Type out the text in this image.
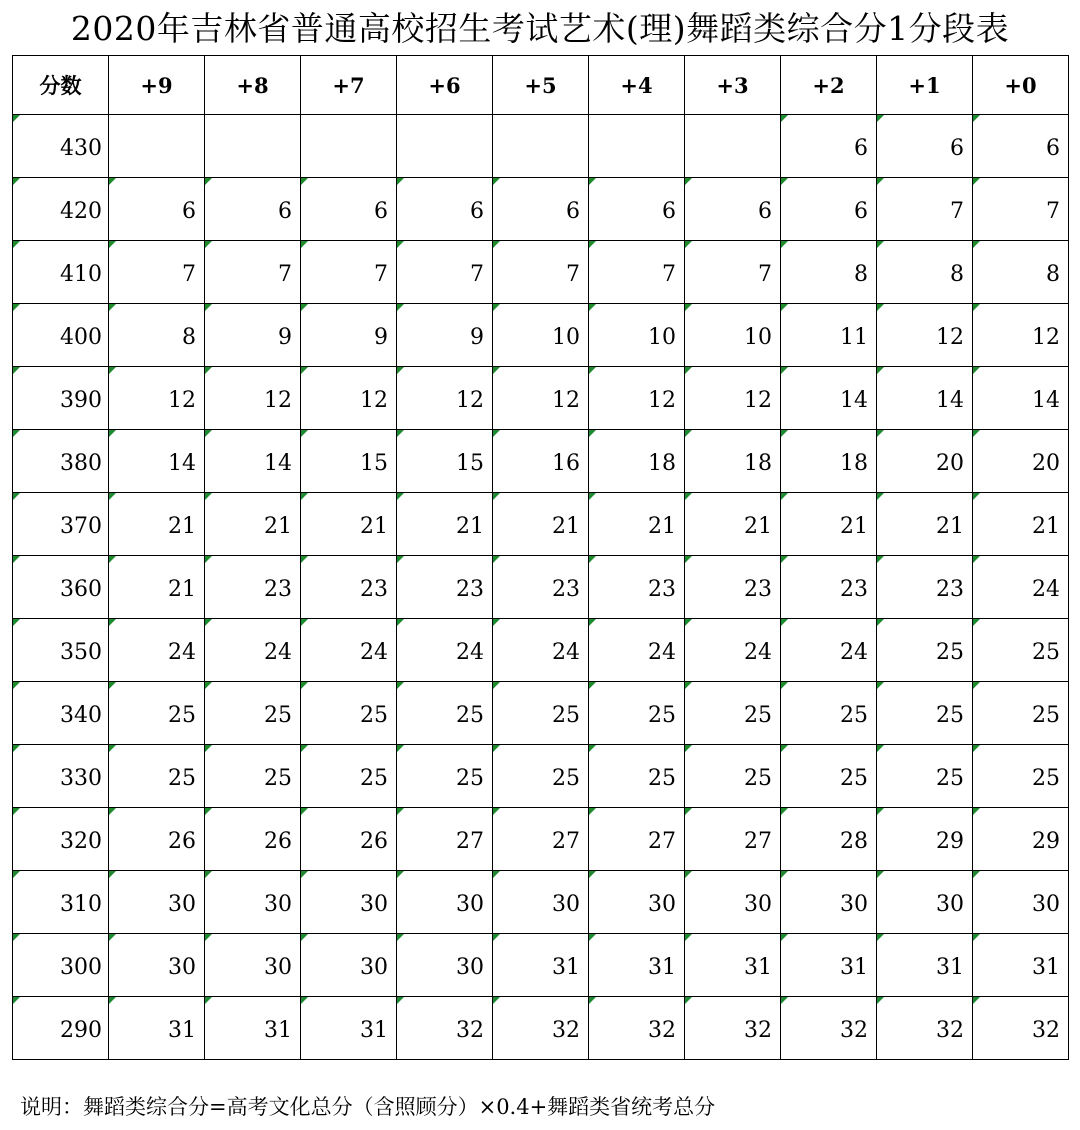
2020年吉林省普通高校招生考试艺术(理)舞蹈类综合分1分段表
分数	+9	+8	+7	+6	+5	+4	+3	+2	+1	+0

430								6	6	6

420	6	6	6	6	6	6	6	6	7	7

410	7	7	7	7	7	7	7	8	8	8

400	8	9	9	9	10	10	10	11	12	12

390	12	12	12	12	12	12	12	14	14	14

380	14	14	15	15	16	18	18	18	20	20

370	21	21	21	21	21	21	21	21	21	21

360	21	23	23	23	23	23	23	23	23	24

350	24	24	24	24	24	24	24	24	25	25

340	25	25	25	25	25	25	25	25	25	25

330	25	25	25	25	25	25	25	25	25	25

320	26	26	26	27	27	27	27	28	29	29

310	30	30	30	30	30	30	30	30	30	30

300	30	30	30	30	31	31	31	31	31	31

290	31	31	31	32	32	32	32	32	32	32
说明：舞蹈类综合分=高考文化总分（含照顾分）×0.4+舞蹈类省统考总分
